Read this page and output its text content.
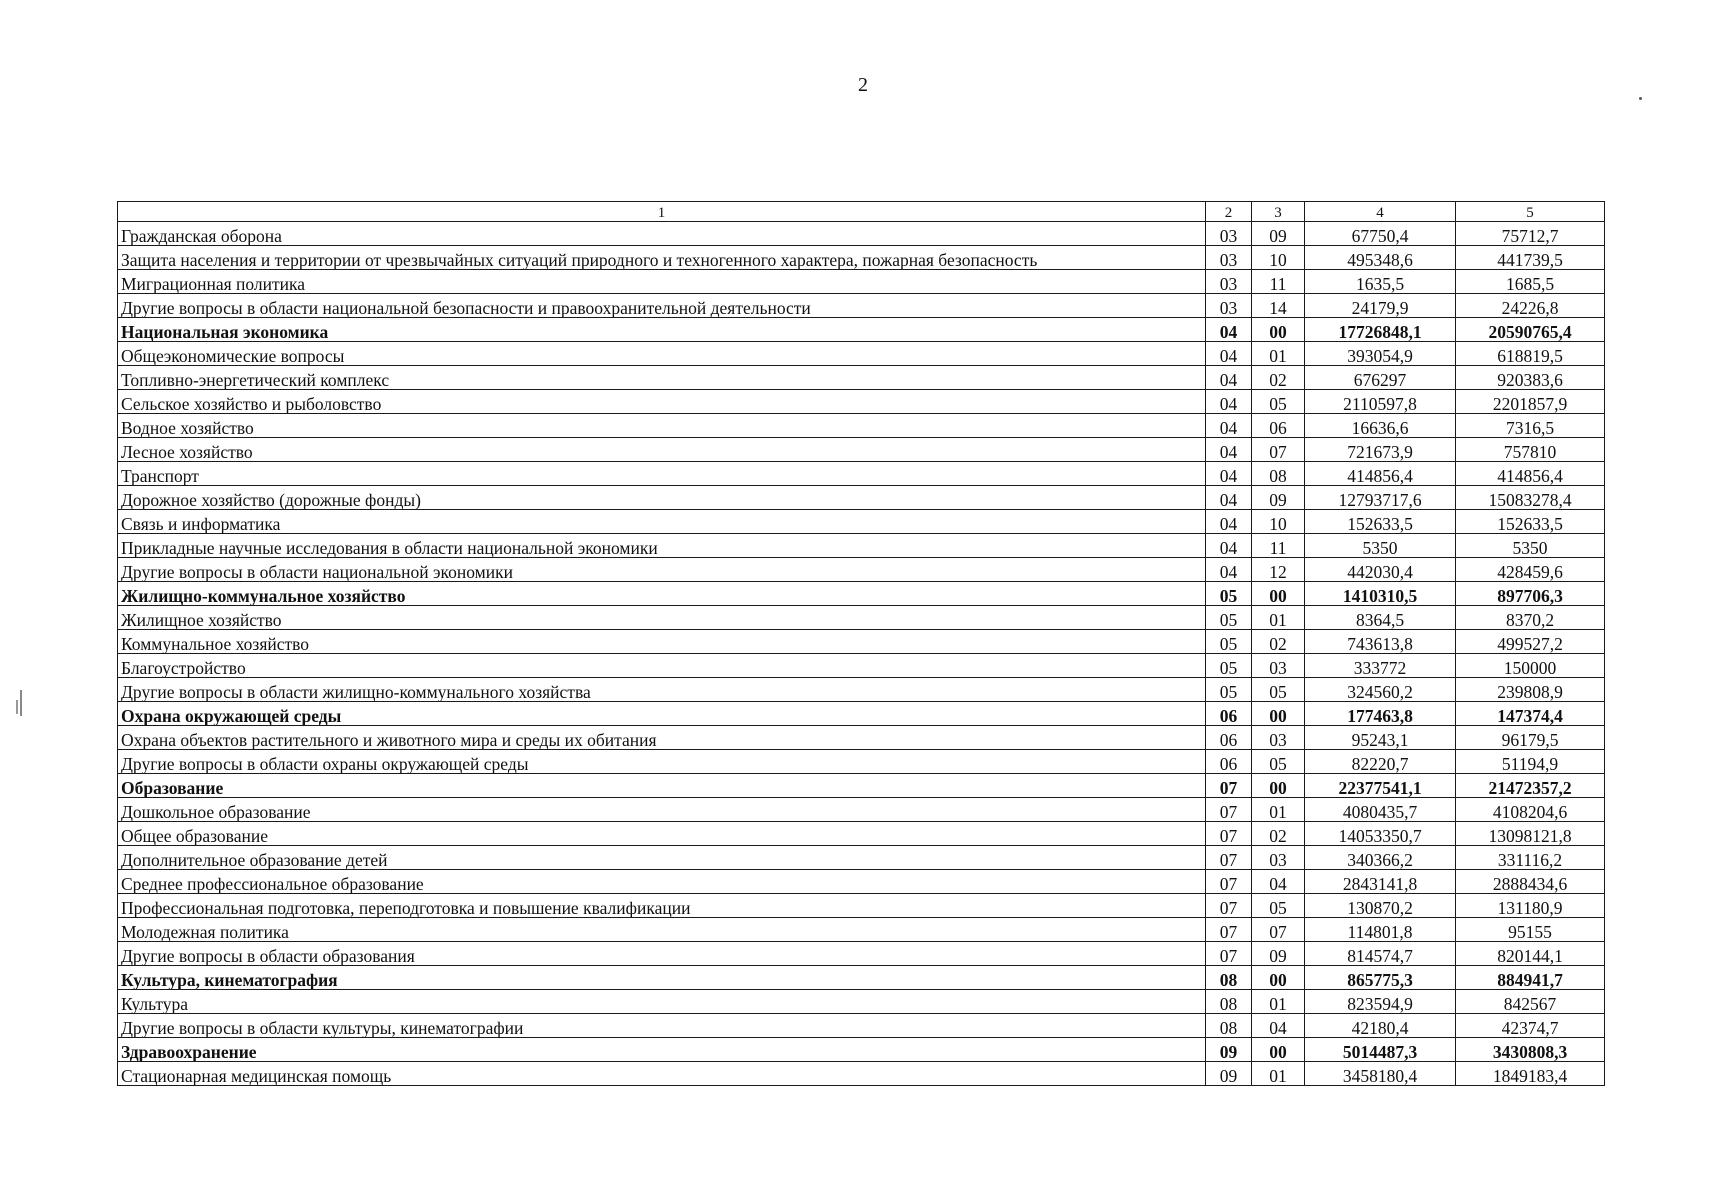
2
1	2	3	4	5
Гражданская оборона	03	09	67750,4	75712,7
Защита населения и территории от чрезвычайных ситуаций природного и техногенного характера, пожарная безопасность	03	10	495348,6	441739,5
Миграционная политика	03	11	1635,5	1685,5
Другие вопросы в области национальной безопасности и правоохранительной деятельности	03	14	24179,9	24226,8
Национальная экономика	04	00	17726848,1	20590765,4
Общеэкономические вопросы	04	01	393054,9	618819,5
Топливно-энергетический комплекс	04	02	676297	920383,6
Сельское хозяйство и рыболовство	04	05	2110597,8	2201857,9
Водное хозяйство	04	06	16636,6	7316,5
Лесное хозяйство	04	07	721673,9	757810
Транспорт	04	08	414856,4	414856,4
Дорожное хозяйство (дорожные фонды)	04	09	12793717,6	15083278,4
Связь и информатика	04	10	152633,5	152633,5
Прикладные научные исследования в области национальной экономики	04	11	5350	5350
Другие вопросы в области национальной экономики	04	12	442030,4	428459,6
Жилищно-коммунальное хозяйство	05	00	1410310,5	897706,3
Жилищное хозяйство	05	01	8364,5	8370,2
Коммунальное хозяйство	05	02	743613,8	499527,2
Благоустройство	05	03	333772	150000
Другие вопросы в области жилищно-коммунального хозяйства	05	05	324560,2	239808,9
Охрана окружающей среды	06	00	177463,8	147374,4
Охрана объектов растительного и животного мира и среды их обитания	06	03	95243,1	96179,5
Другие вопросы в области охраны окружающей среды	06	05	82220,7	51194,9
Образование	07	00	22377541,1	21472357,2
Дошкольное образование	07	01	4080435,7	4108204,6
Общее образование	07	02	14053350,7	13098121,8
Дополнительное образование детей	07	03	340366,2	331116,2
Среднее профессиональное образование	07	04	2843141,8	2888434,6
Профессиональная подготовка, переподготовка и повышение квалификации	07	05	130870,2	131180,9
Молодежная политика	07	07	114801,8	95155
Другие вопросы в области образования	07	09	814574,7	820144,1
Культура, кинематография	08	00	865775,3	884941,7
Культура	08	01	823594,9	842567
Другие вопросы в области культуры, кинематографии	08	04	42180,4	42374,7
Здравоохранение	09	00	5014487,3	3430808,3
Стационарная медицинская помощь	09	01	3458180,4	1849183,4
